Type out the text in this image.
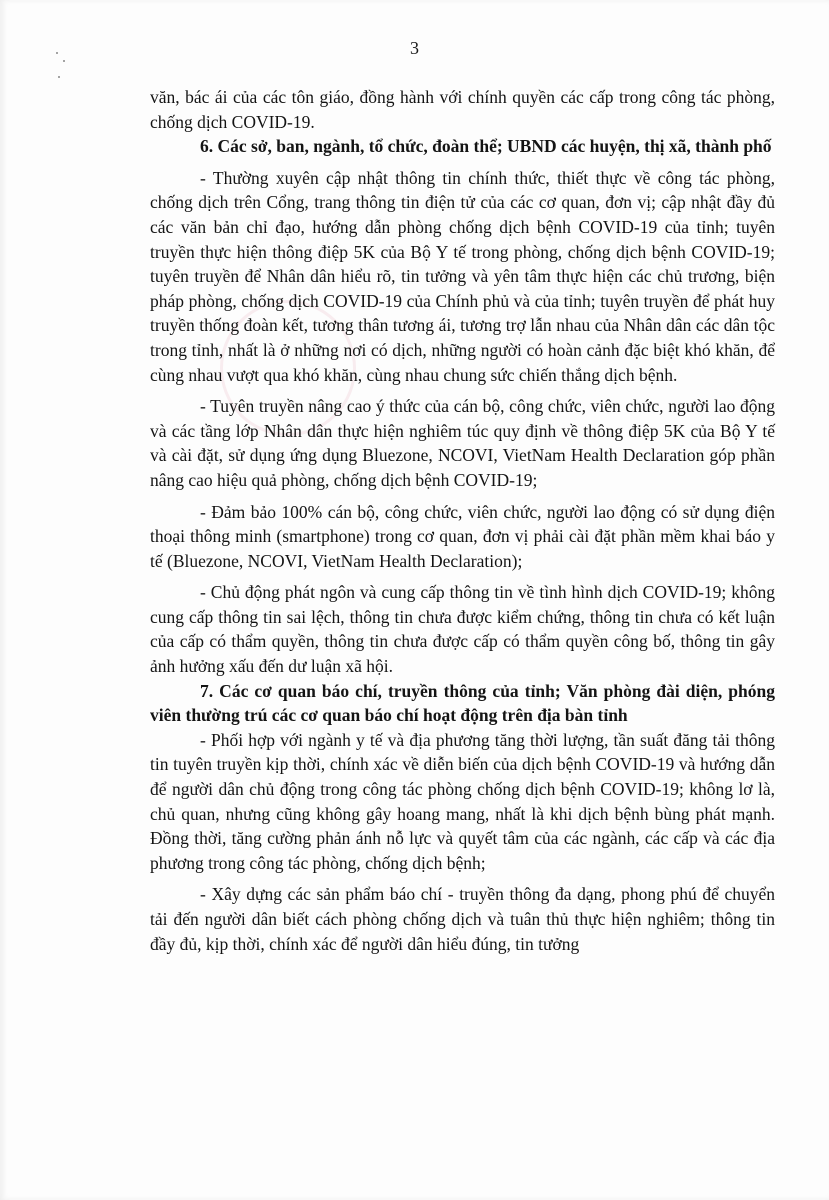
3

văn, bác ái của các tôn giáo, đồng hành với chính quyền các cấp trong công tác phòng, chống dịch COVID-19.

6. Các sở, ban, ngành, tổ chức, đoàn thể; UBND các huyện, thị xã, thành phố

- Thường xuyên cập nhật thông tin chính thức, thiết thực về công tác phòng, chống dịch trên Cổng, trang thông tin điện tử của các cơ quan, đơn vị; cập nhật đầy đủ các văn bản chỉ đạo, hướng dẫn phòng chống dịch bệnh COVID-19 của tỉnh; tuyên truyền thực hiện thông điệp 5K của Bộ Y tế trong phòng, chống dịch bệnh COVID-19; tuyên truyền để Nhân dân hiểu rõ, tin tưởng và yên tâm thực hiện các chủ trương, biện pháp phòng, chống dịch COVID-19 của Chính phủ và của tỉnh; tuyên truyền để phát huy truyền thống đoàn kết, tương thân tương ái, tương trợ lẫn nhau của Nhân dân các dân tộc trong tỉnh, nhất là ở những nơi có dịch, những người có hoàn cảnh đặc biệt khó khăn, để cùng nhau vượt qua khó khăn, cùng nhau chung sức chiến thắng dịch bệnh.

- Tuyên truyền nâng cao ý thức của cán bộ, công chức, viên chức, người lao động và các tầng lớp Nhân dân thực hiện nghiêm túc quy định về thông điệp 5K của Bộ Y tế và cài đặt, sử dụng ứng dụng Bluezone, NCOVI, VietNam Health Declaration góp phần nâng cao hiệu quả phòng, chống dịch bệnh COVID-19;

- Đảm bảo 100% cán bộ, công chức, viên chức, người lao động có sử dụng điện thoại thông minh (smartphone) trong cơ quan, đơn vị phải cài đặt phần mềm khai báo y tế (Bluezone, NCOVI, VietNam Health Declaration);

- Chủ động phát ngôn và cung cấp thông tin về tình hình dịch COVID-19; không cung cấp thông tin sai lệch, thông tin chưa được kiểm chứng, thông tin chưa có kết luận của cấp có thẩm quyền, thông tin chưa được cấp có thẩm quyền công bố, thông tin gây ảnh hưởng xấu đến dư luận xã hội.

7. Các cơ quan báo chí, truyền thông của tỉnh; Văn phòng đài diện, phóng viên thường trú các cơ quan báo chí hoạt động trên địa bàn tỉnh

- Phối hợp với ngành y tế và địa phương tăng thời lượng, tần suất đăng tải thông tin tuyên truyền kịp thời, chính xác về diễn biến của dịch bệnh COVID-19 và hướng dẫn để người dân chủ động trong công tác phòng chống dịch bệnh COVID-19; không lơ là, chủ quan, nhưng cũng không gây hoang mang, nhất là khi dịch bệnh bùng phát mạnh. Đồng thời, tăng cường phản ánh nỗ lực và quyết tâm của các ngành, các cấp và các địa phương trong công tác phòng, chống dịch bệnh;

- Xây dựng các sản phẩm báo chí - truyền thông đa dạng, phong phú để chuyển tải đến người dân biết cách phòng chống dịch và tuân thủ thực hiện nghiêm; thông tin đầy đủ, kịp thời, chính xác để người dân hiểu đúng, tin tưởng
